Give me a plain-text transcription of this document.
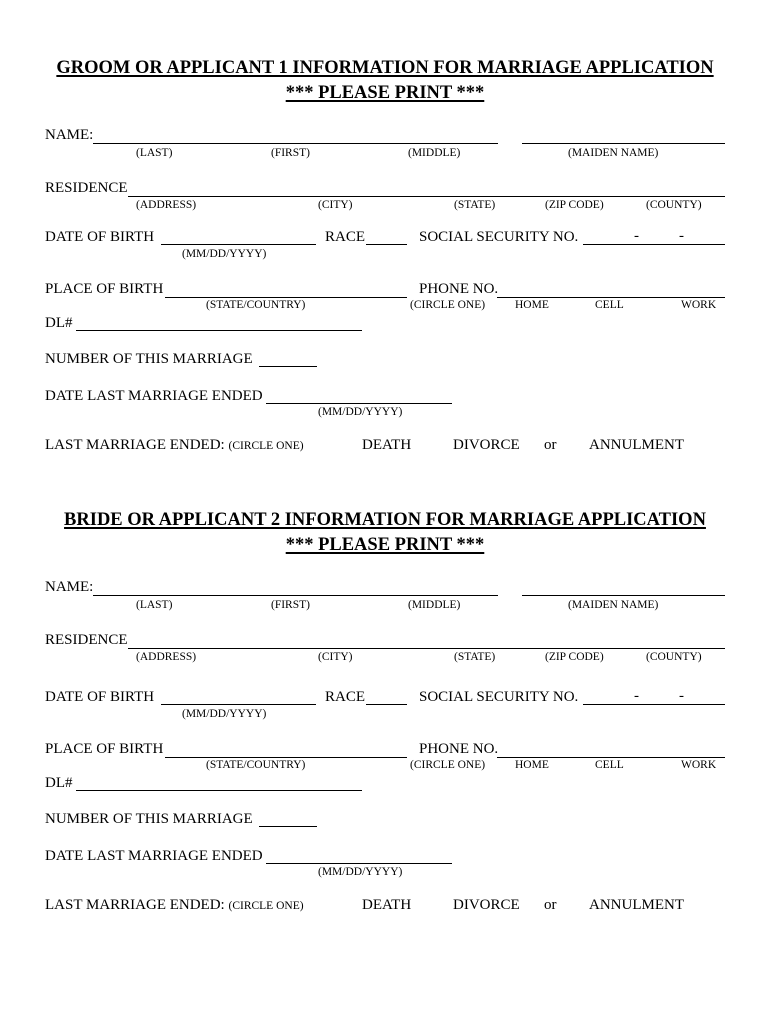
GROOM OR APPLICANT 1 INFORMATION FOR MARRIAGE APPLICATION
*** PLEASE PRINT ***
NAME:
(LAST)	(FIRST)	(MIDDLE)	(MAIDEN NAME)
RESIDENCE
(ADDRESS)	(CITY)	(STATE)	(ZIP CODE)	(COUNTY)
DATE OF BIRTH	RACE	SOCIAL SECURITY NO.	-	-
(MM/DD/YYYY)
PLACE OF BIRTH	PHONE NO.
(STATE/COUNTRY)	(CIRCLE ONE)	HOME	CELL	WORK
DL#
NUMBER OF THIS MARRIAGE
DATE LAST MARRIAGE ENDED
(MM/DD/YYYY)
LAST MARRIAGE ENDED: (CIRCLE ONE)	DEATH	DIVORCE or ANNULMENT
BRIDE OR APPLICANT 2 INFORMATION FOR MARRIAGE APPLICATION
*** PLEASE PRINT ***
NAME:
(LAST)	(FIRST)	(MIDDLE)	(MAIDEN NAME)
RESIDENCE
(ADDRESS)	(CITY)	(STATE)	(ZIP CODE)	(COUNTY)
DATE OF BIRTH	RACE	SOCIAL SECURITY NO.	-	-
(MM/DD/YYYY)
PLACE OF BIRTH	PHONE NO.
(STATE/COUNTRY)	(CIRCLE ONE)	HOME	CELL	WORK
DL#
NUMBER OF THIS MARRIAGE
DATE LAST MARRIAGE ENDED
(MM/DD/YYYY)
LAST MARRIAGE ENDED: (CIRCLE ONE)	DEATH	DIVORCE or ANNULMENT
